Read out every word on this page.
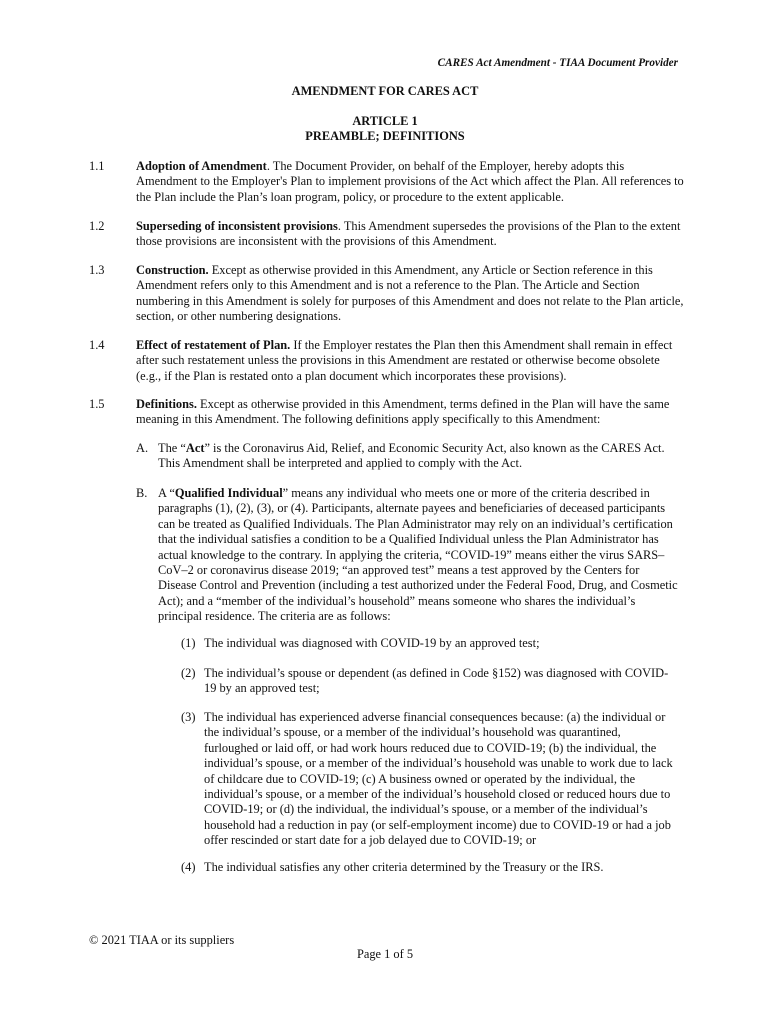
CARES Act Amendment - TIAA Document Provider
AMENDMENT FOR CARES ACT
ARTICLE 1
PREAMBLE; DEFINITIONS
1.1	Adoption of Amendment. The Document Provider, on behalf of the Employer, hereby adopts this Amendment to the Employer's Plan to implement provisions of the Act which affect the Plan. All references to the Plan include the Plan’s loan program, policy, or procedure to the extent applicable.
1.2	Superseding of inconsistent provisions. This Amendment supersedes the provisions of the Plan to the extent those provisions are inconsistent with the provisions of this Amendment.
1.3	Construction. Except as otherwise provided in this Amendment, any Article or Section reference in this Amendment refers only to this Amendment and is not a reference to the Plan. The Article and Section numbering in this Amendment is solely for purposes of this Amendment and does not relate to the Plan article, section, or other numbering designations.
1.4	Effect of restatement of Plan. If the Employer restates the Plan then this Amendment shall remain in effect after such restatement unless the provisions in this Amendment are restated or otherwise become obsolete (e.g., if the Plan is restated onto a plan document which incorporates these provisions).
1.5	Definitions. Except as otherwise provided in this Amendment, terms defined in the Plan will have the same meaning in this Amendment. The following definitions apply specifically to this Amendment:
A. The “Act” is the Coronavirus Aid, Relief, and Economic Security Act, also known as the CARES Act. This Amendment shall be interpreted and applied to comply with the Act.
B. A “Qualified Individual” means any individual who meets one or more of the criteria described in paragraphs (1), (2), (3), or (4). Participants, alternate payees and beneficiaries of deceased participants can be treated as Qualified Individuals. The Plan Administrator may rely on an individual’s certification that the individual satisfies a condition to be a Qualified Individual unless the Plan Administrator has actual knowledge to the contrary. In applying the criteria, “COVID-19” means either the virus SARS–CoV–2 or coronavirus disease 2019; “an approved test” means a test approved by the Centers for Disease Control and Prevention (including a test authorized under the Federal Food, Drug, and Cosmetic Act); and a “member of the individual’s household” means someone who shares the individual’s principal residence. The criteria are as follows:
(1) The individual was diagnosed with COVID-19 by an approved test;
(2) The individual’s spouse or dependent (as defined in Code §152) was diagnosed with COVID-19 by an approved test;
(3) The individual has experienced adverse financial consequences because: (a) the individual or the individual’s spouse, or a member of the individual’s household was quarantined, furloughed or laid off, or had work hours reduced due to COVID-19; (b) the individual, the individual’s spouse, or a member of the individual’s household was unable to work due to lack of childcare due to COVID-19; (c) A business owned or operated by the individual, the individual’s spouse, or a member of the individual’s household closed or reduced hours due to COVID-19; or (d) the individual, the individual’s spouse, or a member of the individual’s household had a reduction in pay (or self-employment income) due to COVID-19 or had a job offer rescinded or start date for a job delayed due to COVID-19; or
(4) The individual satisfies any other criteria determined by the Treasury or the IRS.
© 2021 TIAA or its suppliers
Page 1 of 5
